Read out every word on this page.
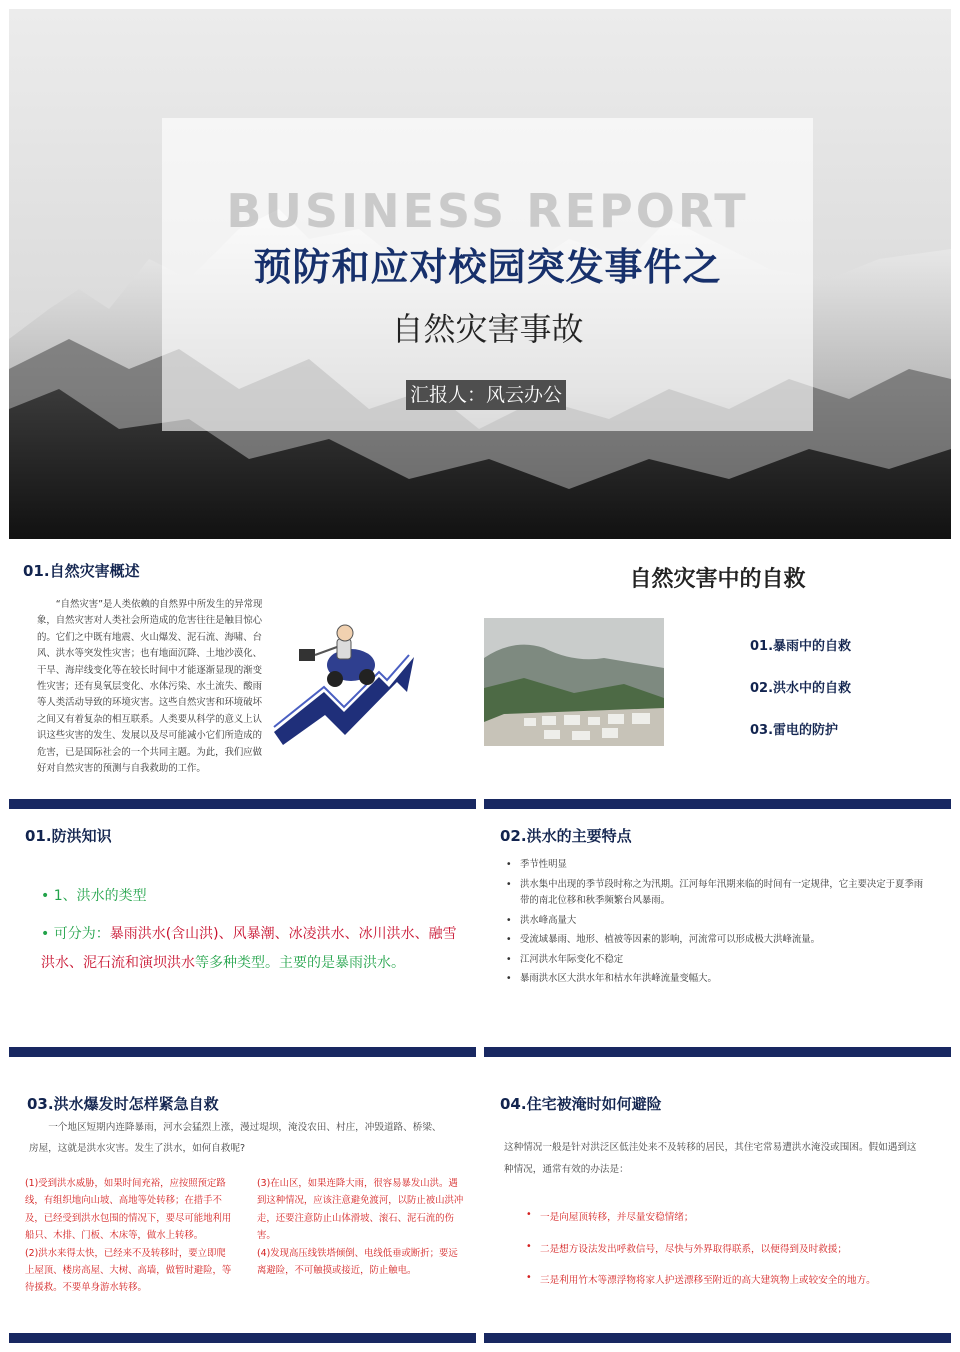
BUSINESS REPORT
预防和应对校园突发事件之
自然灾害事故
汇报人：风云办公
01.自然灾害概述
“自然灾害”是人类依赖的自然界中所发生的异常现象，自然灾害对人类社会所造成的危害往往是触目惊心的。它们之中既有地震、火山爆发、泥石流、海啸、台风、洪水等突发性灾害；也有地面沉降、土地沙漠化、干旱、海岸线变化等在较长时间中才能逐渐显现的渐变性灾害；还有臭氧层变化、水体污染、水土流失、酸雨等人类活动导致的环境灾害。这些自然灾害和环境破坏之间又有着复杂的相互联系。人类要从科学的意义上认识这些灾害的发生、发展以及尽可能减小它们所造成的危害，已是国际社会的一个共同主题。为此，我们应做好对自然灾害的预测与自我救助的工作。
自然灾害中的自救
01.暴雨中的自救
02.洪水中的自救
03.雷电的防护
01.防洪知识
• 1、洪水的类型
• 可分为：暴雨洪水(含山洪)、风暴潮、冰凌洪水、冰川洪水、融雪洪水、泥石流和演坝洪水等多种类型。主要的是暴雨洪水。
02.洪水的主要特点
• 季节性明显
• 洪水集中出现的季节段时称之为汛期。江河每年汛期来临的时间有一定规律，它主要决定于夏季雨带的南北位移和秋季频繁台风暴雨。
• 洪水峰高量大
• 受流域暴雨、地形、植被等因素的影响，河流常可以形成极大洪峰流量。
• 江河洪水年际变化不稳定
• 暴雨洪水区大洪水年和枯水年洪峰流量变幅大。
03.洪水爆发时怎样紧急自救
一个地区短期内连降暴雨，河水会猛烈上涨，漫过堤坝，淹没农田、村庄，冲毁道路、桥梁、房屋，这就是洪水灾害。发生了洪水，如何自救呢?
(1)受到洪水威胁，如果时间充裕，应按照预定路线，有组织地向山坡、高地等处转移；在措手不及，已经受到洪水包围的情况下，要尽可能地利用船只、木排、门板、木床等，做水上转移。
(2)洪水来得太快，已经来不及转移时，要立即爬上屋顶、楼房高屋、大树、高墙，做暂时避险，等待援救。不要单身游水转移。
(3)在山区，如果连降大雨，很容易暴发山洪。遇到这种情况，应该注意避免渡河，以防止被山洪冲走，还要注意防止山体滑坡、滚石、泥石流的伤害。
(4)发现高压线铁塔倾倒、电线低垂或断折；要远离避险，不可触摸或接近，防止触电。
04.住宅被淹时如何避险
这种情况一般是针对洪泛区低洼处来不及转移的居民，其住宅常易遭洪水淹没或围困。假如遇到这种情况，通常有效的办法是：
• 一是向屋顶转移，并尽量安稳情绪；
• 二是想方设法发出呼救信号，尽快与外界取得联系，以便得到及时救援；
• 三是利用竹木等漂浮物将家人护送漂移至附近的高大建筑物上或较安全的地方。
